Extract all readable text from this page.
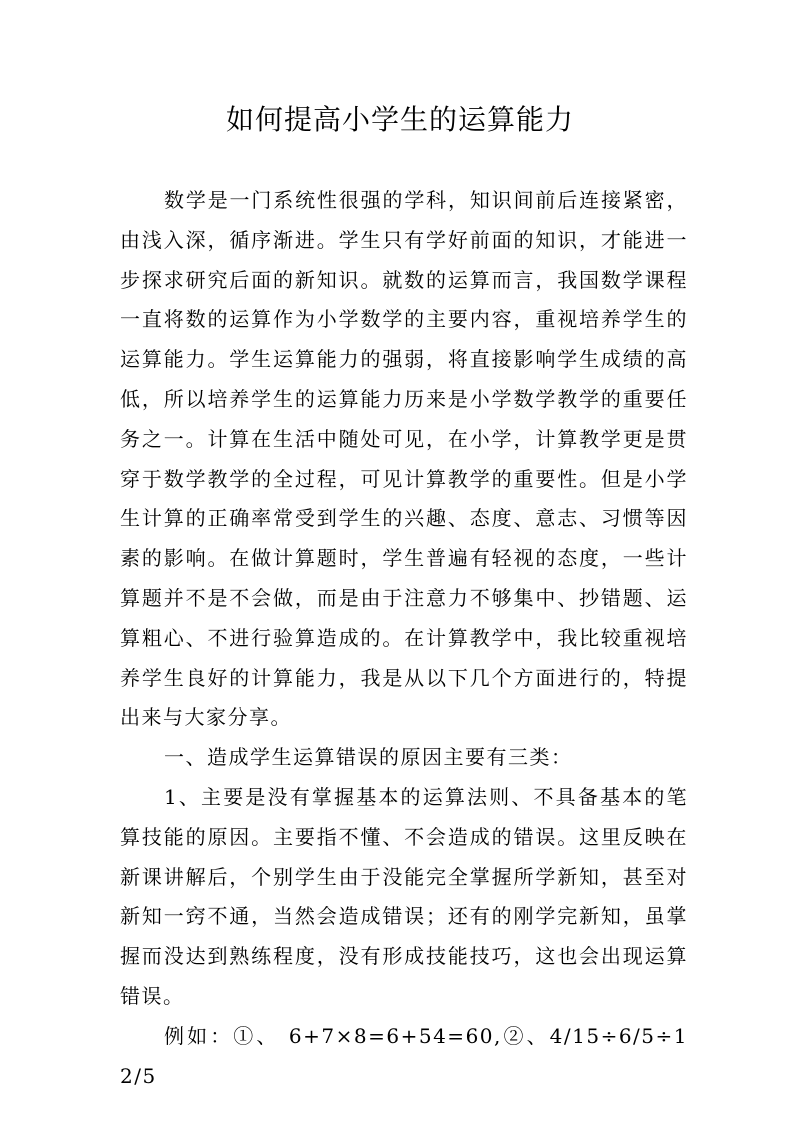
如何提高小学生的运算能力

数学是一门系统性很强的学科，知识间前后连接紧密，由浅入深，循序渐进。学生只有学好前面的知识，才能进一步探求研究后面的新知识。就数的运算而言，我国数学课程一直将数的运算作为小学数学的主要内容，重视培养学生的运算能力。学生运算能力的强弱，将直接影响学生成绩的高低，所以培养学生的运算能力历来是小学数学教学的重要任务之一。计算在生活中随处可见，在小学，计算教学更是贯穿于数学教学的全过程，可见计算教学的重要性。但是小学生计算的正确率常受到学生的兴趣、态度、意志、习惯等因素的影响。在做计算题时，学生普遍有轻视的态度，一些计算题并不是不会做，而是由于注意力不够集中、抄错题、运算粗心、不进行验算造成的。在计算教学中，我比较重视培养学生良好的计算能力，我是从以下几个方面进行的，特提出来与大家分享。

一、造成学生运算错误的原因主要有三类：

1、主要是没有掌握基本的运算法则、不具备基本的笔算技能的原因。主要指不懂、不会造成的错误。这里反映在新课讲解后，个别学生由于没能完全掌握所学新知，甚至对新知一窍不通，当然会造成错误；还有的刚学完新知，虽掌握而没达到熟练程度，没有形成技能技巧，这也会出现运算错误。

例如：①、 6+7×8=6+54=60,②、4/15÷6/5÷12/5
